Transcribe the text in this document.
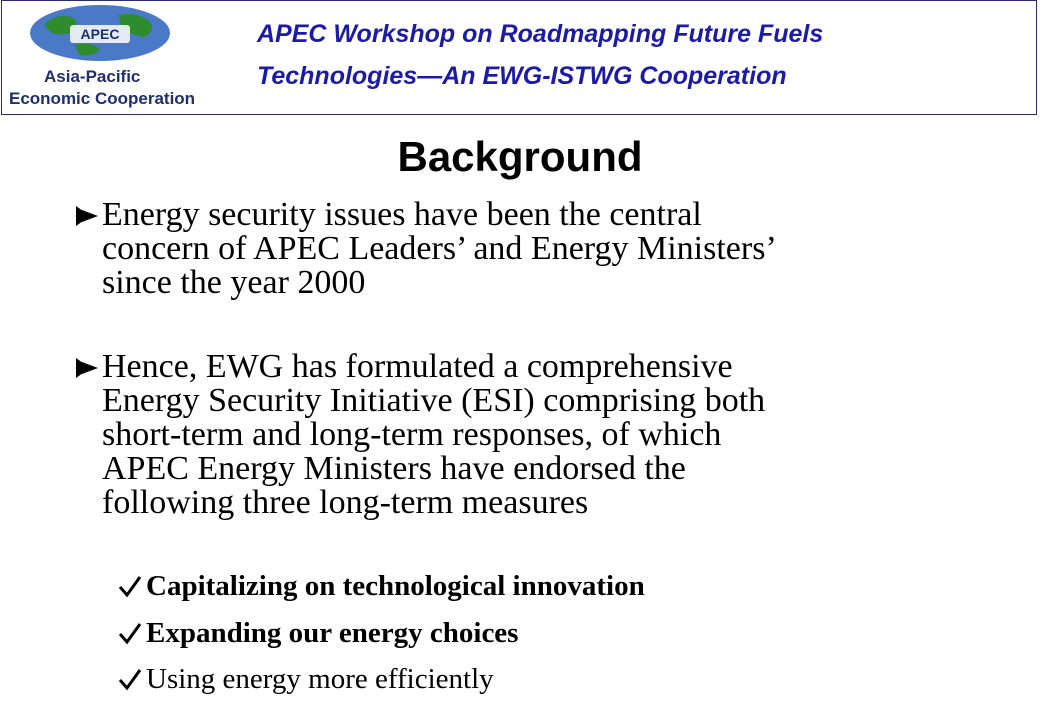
APEC
Asia-Pacific
Economic Cooperation
APEC Workshop on Roadmapping Future Fuels
Technologies—An EWG-ISTWG Cooperation
Background
Energy security issues have been the central
concern of APEC Leaders’ and Energy Ministers’
since the year 2000
Hence, EWG has formulated a comprehensive
Energy Security Initiative (ESI) comprising both
short-term and long-term responses, of which
APEC Energy Ministers have endorsed the
following three long-term measures
Capitalizing on technological innovation
Expanding our energy choices
Using energy more efficiently
